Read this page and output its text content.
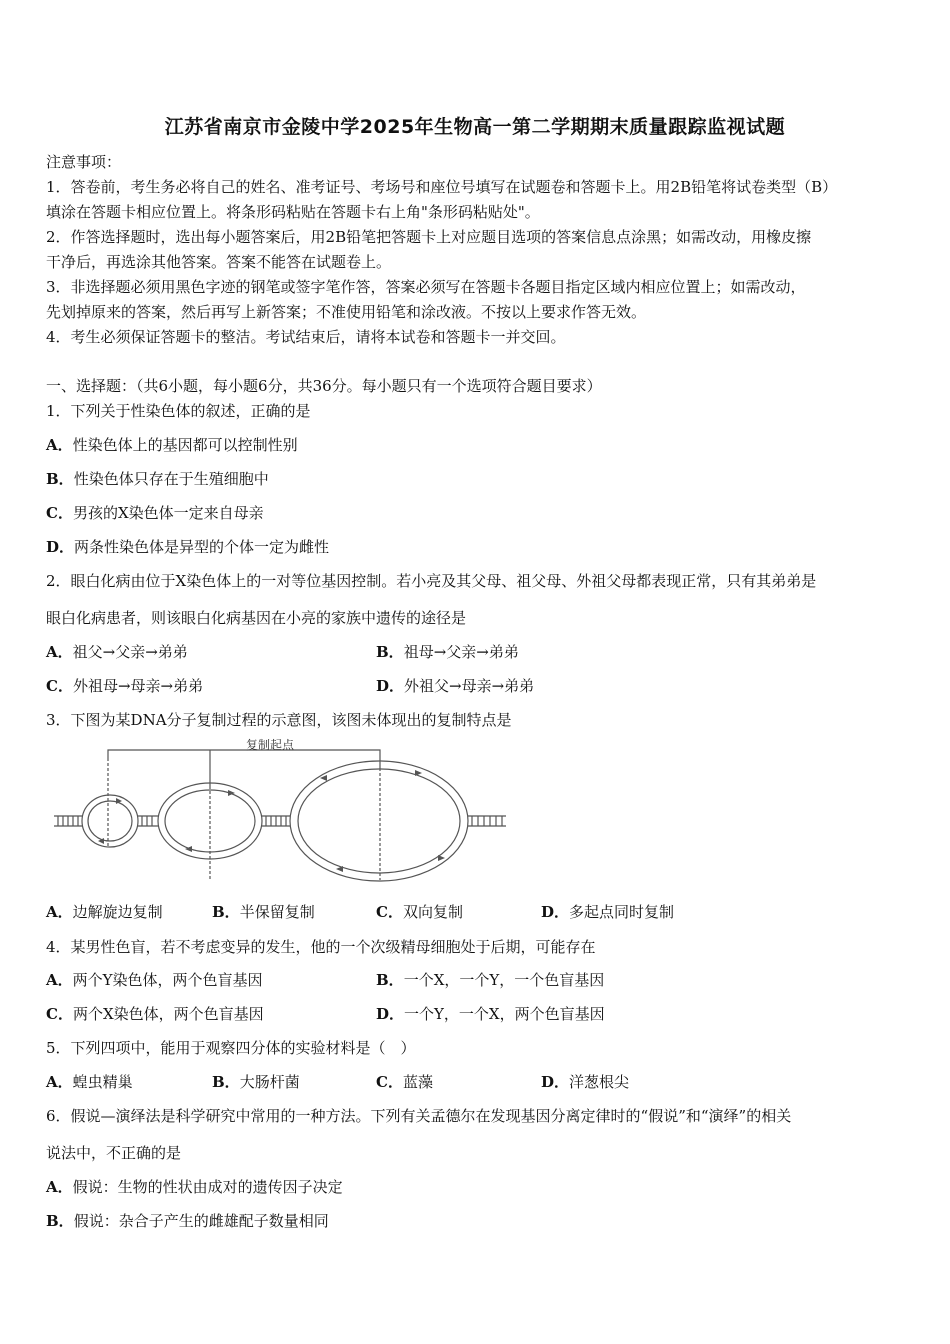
江苏省南京市金陵中学2025年生物高一第二学期期末质量跟踪监视试题
注意事项：
1．答卷前，考生务必将自己的姓名、准考证号、考场号和座位号填写在试题卷和答题卡上。用2B铅笔将试卷类型（B）
填涂在答题卡相应位置上。将条形码粘贴在答题卡右上角"条形码粘贴处"。
2．作答选择题时，选出每小题答案后，用2B铅笔把答题卡上对应题目选项的答案信息点涂黑；如需改动，用橡皮擦
干净后，再选涂其他答案。答案不能答在试题卷上。
3．非选择题必须用黑色字迹的钢笔或签字笔作答，答案必须写在答题卡各题目指定区域内相应位置上；如需改动，
先划掉原来的答案，然后再写上新答案；不准使用铅笔和涂改液。不按以上要求作答无效。
4．考生必须保证答题卡的整洁。考试结束后，请将本试卷和答题卡一并交回。
一、选择题：（共6小题，每小题6分，共36分。每小题只有一个选项符合题目要求）
1．下列关于性染色体的叙述，正确的是
A．性染色体上的基因都可以控制性别
B．性染色体只存在于生殖细胞中
C．男孩的X染色体一定来自母亲
D．两条性染色体是异型的个体一定为雌性
2．眼白化病由位于X染色体上的一对等位基因控制。若小亮及其父母、祖父母、外祖父母都表现正常，只有其弟弟是
眼白化病患者，则该眼白化病基因在小亮的家族中遗传的途径是
A．祖父→父亲→弟弟	B．祖母→父亲→弟弟
C．外祖母→母亲→弟弟	D．外祖父→母亲→弟弟
3．下图为某DNA分子复制过程的示意图，该图未体现出的复制特点是
复制起点
A．边解旋边复制	B．半保留复制	C．双向复制	D．多起点同时复制
4．某男性色盲，若不考虑变异的发生，他的一个次级精母细胞处于后期，可能存在
A．两个Y染色体，两个色盲基因	B．一个X，一个Y，一个色盲基因
C．两个X染色体，两个色盲基因	D．一个Y，一个X，两个色盲基因
5．下列四项中，能用于观察四分体的实验材料是（　）
A．蝗虫精巢	B．大肠杆菌	C．蓝藻	D．洋葱根尖
6．假说—演绎法是科学研究中常用的一种方法。下列有关孟德尔在发现基因分离定律时的“假说”和“演绎”的相关
说法中，不正确的是
A．假说：生物的性状由成对的遗传因子决定
B．假说：杂合子产生的雌雄配子数量相同
